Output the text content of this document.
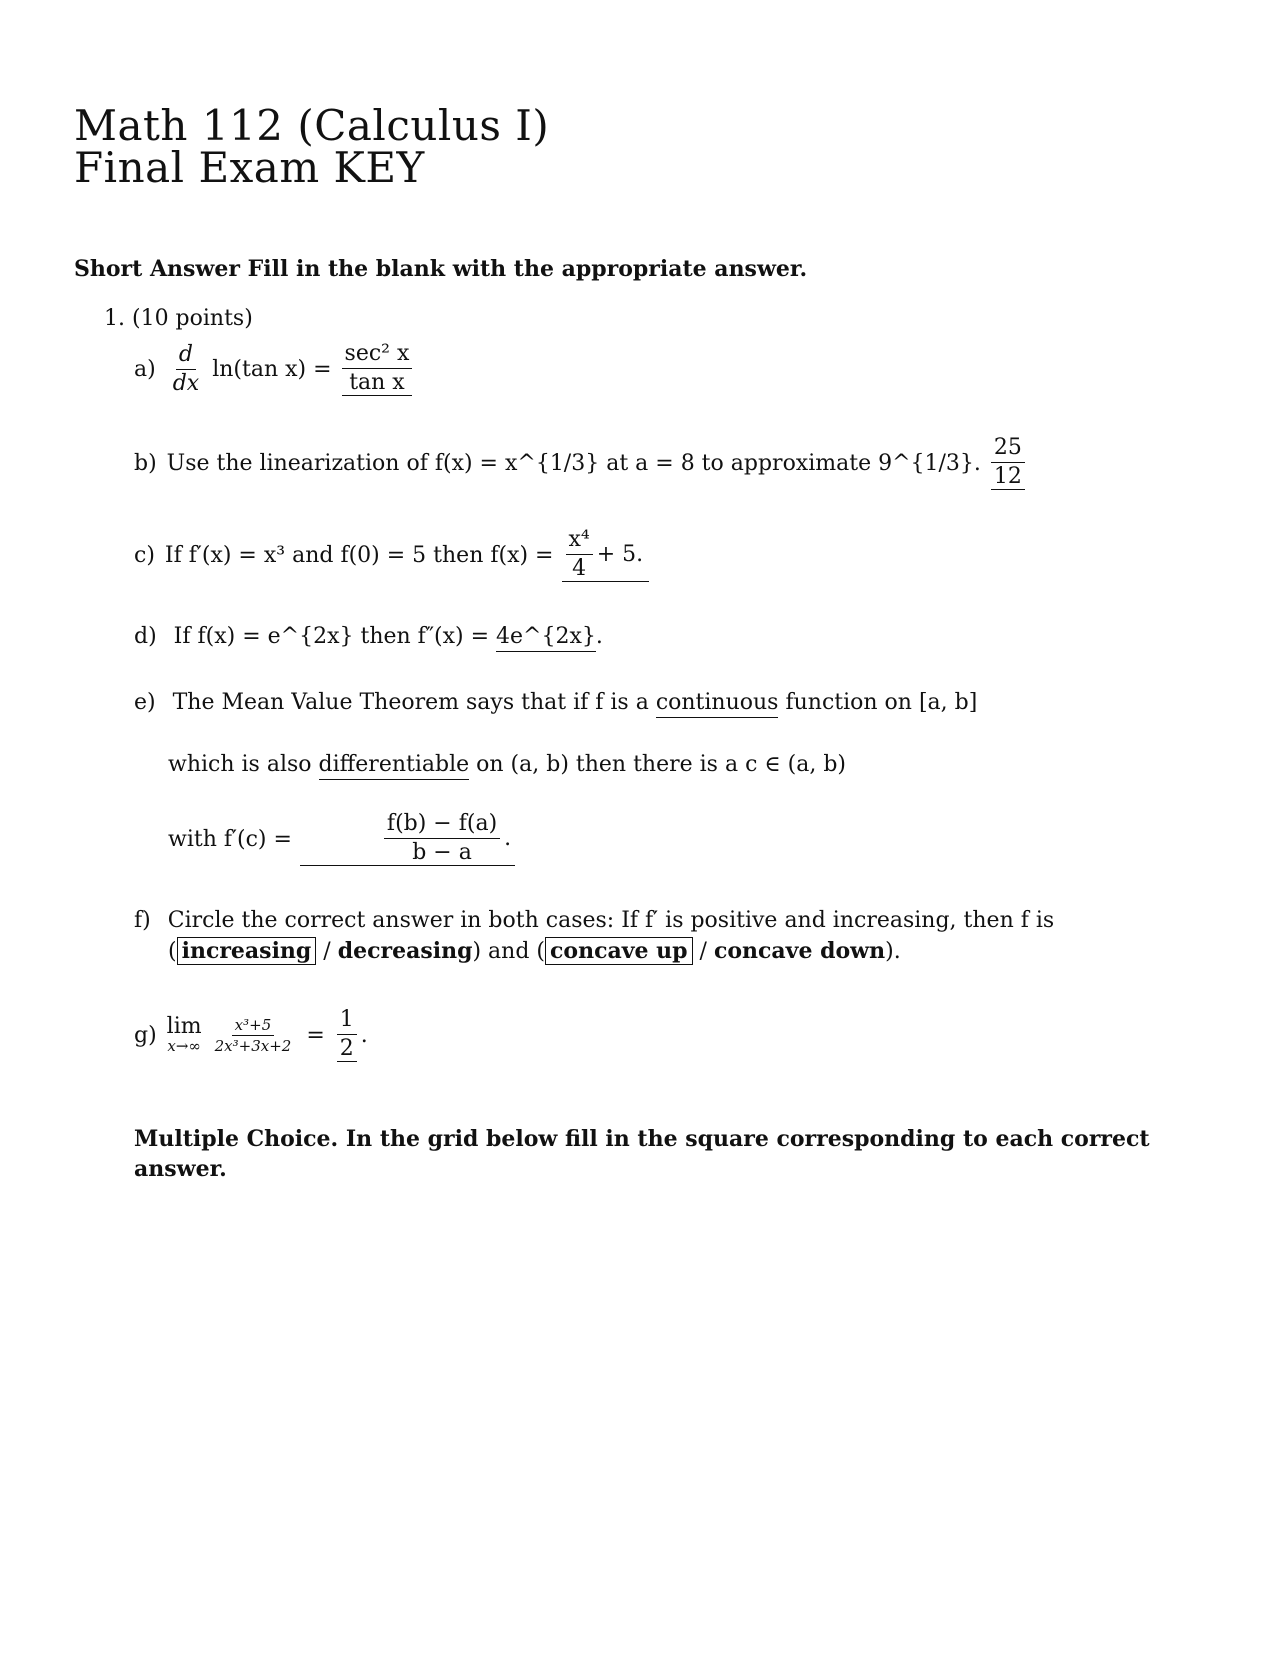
Math 112 (Calculus I)
Final Exam KEY
Short Answer Fill in the blank with the appropriate answer.
1. (10 points)
$a) \frac{d}{dx} \ln(\tan$ $x) = \frac{\text{sec² x}}{\text{tan x}}$
b) Use the linearization of f(x) = x^{1/3} at a = 8 to approximate 9^{1/3}. $\frac{25}{12}$
c) If f′(x) = x³ and f(0) = 5 then $f(x) = \frac{\text{x⁴}}{4} + 5$.
d) If f(x) = e^{2x} then f″(x) = 4e^{2x}.
e) The Mean Value Theorem says that if f is a continuous function on [a, b]
which is also differentiable on (a, b) then there is a c ∈ (a, b)
with f′(c) =	$\frac{f(b) - f(a)}{b - a}$ .
f) Circle the correct answer in both cases: If f′ is positive and increasing, then f is
( increasing / decreasing) and ( concave up / concave down).
g) lim
$x\to\infty \frac{\text{x³+5}}{\text{2x³+3x+2}} = \frac{1}{2}$ .
Multiple Choice. In the grid below fill in the square corresponding to each correct
answer.
